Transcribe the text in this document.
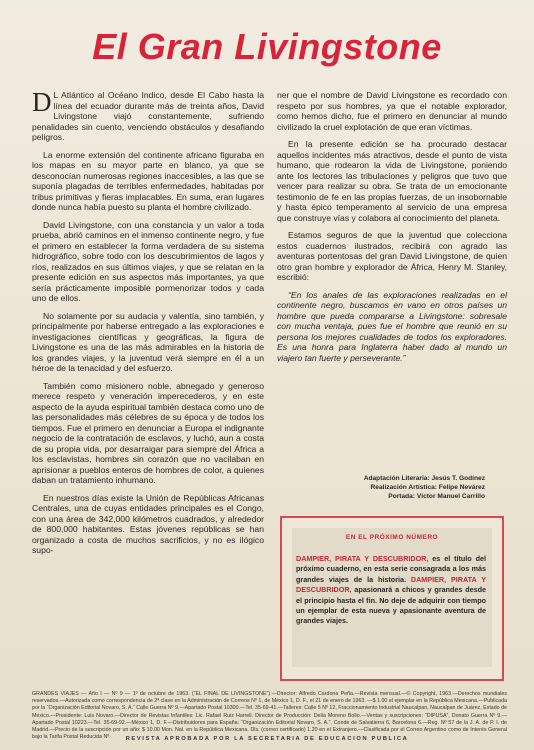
El Gran Livingstone

D L Atlántico al Océano Indico, desde El Cabo hasta la línea del ecuador durante más de treinta años, David Livingstone viajó constantemente, sufriendo penalidades sin cuento, venciendo obstáculos y desafiando peligros.

La enorme extensión del continente africano figuraba en los mapas en su mayor parte en blanco, ya que se desconocían numerosas regiones inaccesibles, a las que se suponía plagadas de terribles enfermedades, habitadas por tribus primitivas y fieras implacables. En suma, eran lugares donde nunca había puesto su planta el hombre civilizado.

David Livingstone, con una constancia y un valor a toda prueba, abrió caminos en el inmenso continente negro, y fue el primero en establecer la forma verdadera de su sistema hidrográfico, sobre todo con los descubrimientos de lagos y ríos, realizados en sus últimos viajes, y que se relatan en la presente edición en sus aspectos más importantes, ya que sería prácticamente imposible pormenorizar todos y cada uno de ellos.

No solamente por su audacia y valentía, sino también, y principalmente por haberse entregado a las exploraciones e investigaciones científicas y geográficas, la figura de Livingstone es una de las más admirables en la historia de los grandes viajes, y la juventud verá siempre en él a un héroe de la tenacidad y del esfuerzo.

También como misionero noble, abnegado y generoso merece respeto y veneración imperecederos, y en este aspecto de la ayuda espiritual también destaca como uno de las personalidades más célebres de su época y de todos los tiempos. Fue el primero en denunciar a Europa el indignante negocio de la contratación de esclavos, y luchó, aun a costa de su propia vida, por desarraigar para siempre del África a los esclavistas, hombres sin corazón que no vacilaban en aprisionar a pueblos enteros de hombres de color, a quienes daban un tratamiento inhumano.

En nuestros días existe la Unión de Repúblicas Africanas Centrales, una de cuyas entidades principales es el Congo, con una área de 342,000 kilómetros cuadrados, y alrededor de 800,000 habitantes. Estas jóvenes repúblicas se han organizado a costa de muchos sacrificios, y no es ilógico supo-

ner que el nombre de David Livingstone es recordado con respeto por sus hombres, ya que el notable explorador, como hemos dicho, fue el primero en denunciar al mundo civilizado la cruel explotación de que eran víctimas.

En la presente edición se ha procurado destacar aquellos incidentes más atractivos, desde el punto de vista humano, que rodearon la vida de Livingstone, poniendo ante los lectores las tribulaciones y peligros que tuvo que vencer para realizar su obra. Se trata de un emocionante testimonio de fe en las propias fuerzas, de un insobornable y hasta épico temperamento al servicio de una empresa que construye vías y colabora al conocimiento del planeta.

Estamos seguros de que la juventud que colecciona estos cuadernos ilustrados, recibirá con agrado las aventuras portentosas del gran David Livingstone, de quien otro gran hombre y explorador de África, Henry M. Stanley, escribió:

“En los anales de las exploraciones realizadas en el continente negro, buscamos en vano en otros países un hombre que pueda compararse a Livingstone: sobresale con mucha ventaja, pues fue el hombre que reunió en su persona los mejores cualidades de todos los exploradores. Es una honra para Inglaterra haber dado al mundo un viajero tan fuerte y perseverante.”

Adaptación Literaria: Jesús T. Godínez
Realización Artística: Felipe Nevárez
Portada: Víctor Manuel Carrillo
EN EL PRÓXIMO NÚMERO
DAMPIER, PIRATA Y DESCUBRIDOR, es el título del próximo cuaderno, en esta serie consagrada a los más grandes viajes de la historia. DAMPIER, PIRATA Y DESCUBRIDOR, apasionará a chicos y grandes desde el principio hasta el fin. No deje de adquirir con tiempo un ejemplar de esta nueva y apasionante aventura de grandes viajes.
GRANDES VIAJES — Año I — Nº 9 — 1º de octubre de 1963. (“EL FINAL DE LIVINGSTONE”).—Director: Alfredo Cardona Peña.—Revista mensual.—© Copyright, 1963.—Derechos mundiales reservados.—Autorizada como correspondencia de 2ª clase en la Administración de Correos Nº 1, de México 1, D. F., el 21 de enero de 1963. —$ 1.00 el ejemplar en la República Mexicana.—Publicada por la “Organización Editorial Novaro, S. A.” Calle Guerra Nº 9.—Apartado Postal 10300.—Tel. 35-69-41.—Talleres: Calle 5 Nº 12, Fraccionamiento Industrial Naucalpan, Naucalpan de Juárez, Estado de México.—Presidente: Luis Novaro.—Director de Revistas Infantiles: Lic. Rafael Ruiz Harrell. Director de Producción: Delia Moreno Bolio.—Ventas y suscripciones: “DIPUSA”, Donato Guerra Nº 9.—Apartado Postal 10223.—Tel. 35-69-92.—México 1, D. F.—Distribuidores para España: “Organización Editorial Novaro, S. A.”, Conde de Salvatierra 6, Barcelona 6.—Reg. Nº 57 de la J. A. de P. I. de Madrid.—Precio de la suscripción por un año: $ 10.00 Mon. Nal. en la República Mexicana. Dls. (correo certificado) 1.20 en el Extranjero.—Clasificada por el Correo Argentino como de Interés General bajo la Tarifa Postal Reducida Nº	REVISTA APROBADA POR LA SECRETARIA DE EDUCACION PUBLICA
